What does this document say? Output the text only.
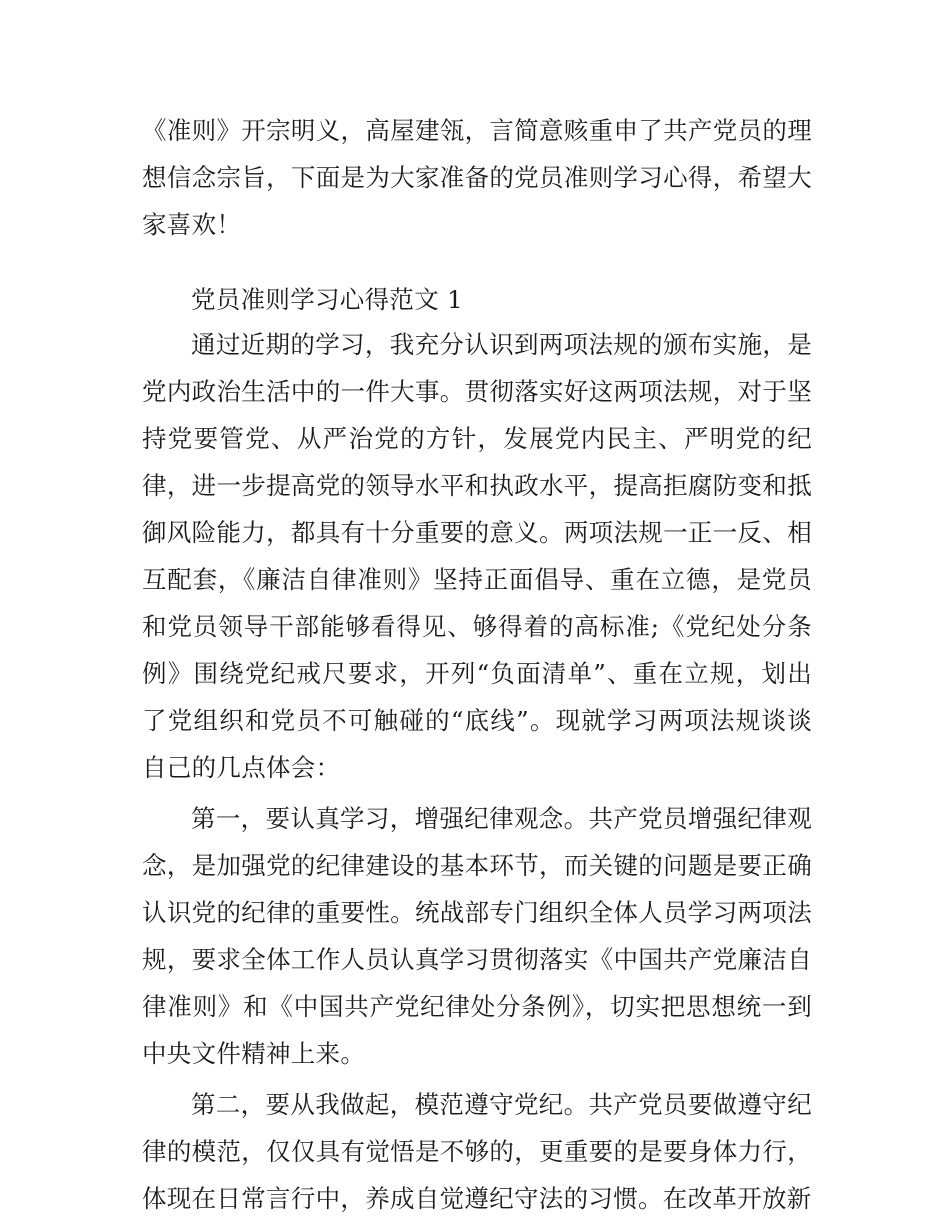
《准则》开宗明义，高屋建瓴，言简意赅重申了共产党员的理想信念宗旨，下面是为大家准备的党员准则学习心得，希望大家喜欢！

党员准则学习心得范文 1

通过近期的学习，我充分认识到两项法规的颁布实施，是党内政治生活中的一件大事。贯彻落实好这两项法规，对于坚持党要管党、从严治党的方针，发展党内民主、严明党的纪律，进一步提高党的领导水平和执政水平，提高拒腐防变和抵御风险能力，都具有十分重要的意义。两项法规一正一反、相互配套，《廉洁自律准则》坚持正面倡导、重在立德，是党员和党员领导干部能够看得见、够得着的高标准;《党纪处分条例》围绕党纪戒尺要求，开列“负面清单”、重在立规，划出了党组织和党员不可触碰的“底线”。现就学习两项法规谈谈自己的几点体会：

第一，要认真学习，增强纪律观念。共产党员增强纪律观念，是加强党的纪律建设的基本环节，而关键的问题是要正确认识党的纪律的重要性。统战部专门组织全体人员学习两项法规，要求全体工作人员认真学习贯彻落实《中国共产党廉洁自律准则》和《中国共产党纪律处分条例》，切实把思想统一到中央文件精神上来。

第二，要从我做起，模范遵守党纪。共产党员要做遵守纪律的模范，仅仅具有觉悟是不够的，更重要的是要身体力行，体现在日常言行中，养成自觉遵纪守法的习惯。在改革开放新
